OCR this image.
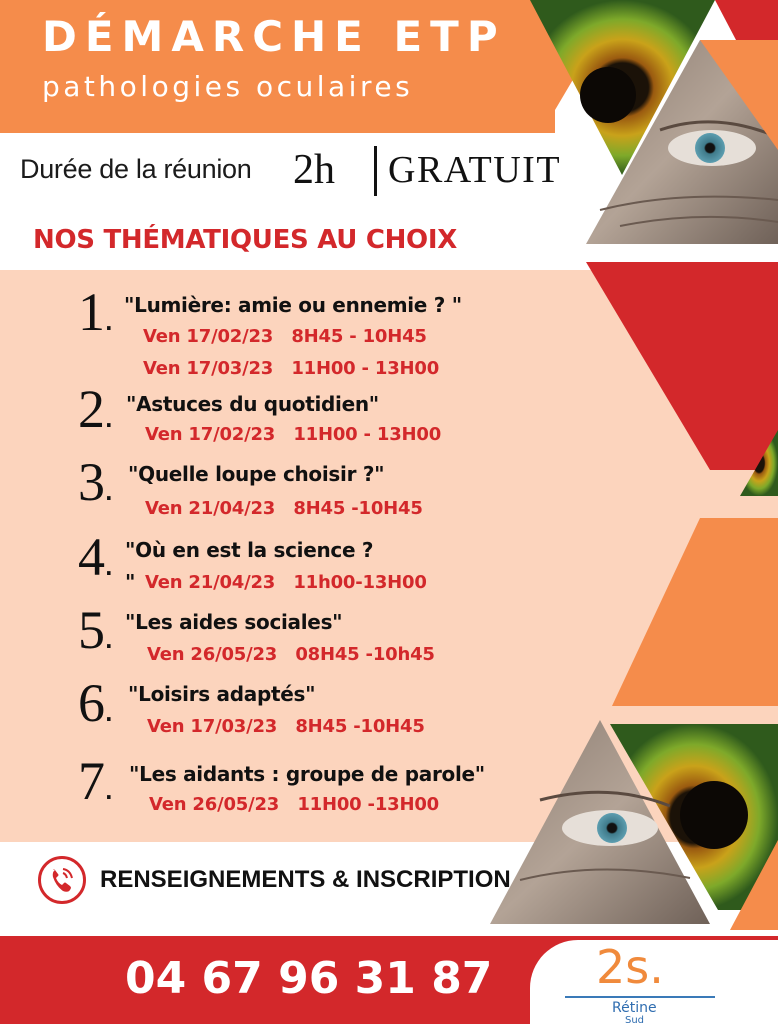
DÉMARCHE ETP
pathologies oculaires
Durée de la réunion 2h GRATUIT
NOS THÉMATIQUES AU CHOIX
1.
"Lumière: amie ou ennemie ? "
Ven 17/02/23   8H45 - 10H45
Ven 17/03/23   11H00 - 13H00
2.
"Astuces du quotidien"
Ven 17/02/23   11H00 - 13H00
3.
"Quelle loupe choisir ?"
Ven 21/04/23   8H45 -10H45
4.
"Où en est la science ?
" Ven 21/04/23   11h00-13H00
5.
"Les aides sociales"
Ven 26/05/23   08H45 -10h45
6.
"Loisirs adaptés"
Ven 17/03/23   8H45 -10H45
7.
"Les aidants : groupe de parole"
Ven 26/05/23   11H00 -13H00
RENSEIGNEMENTS & INSCRIPTION
04 67 96 31 87 2s.
Rétine
Sud
